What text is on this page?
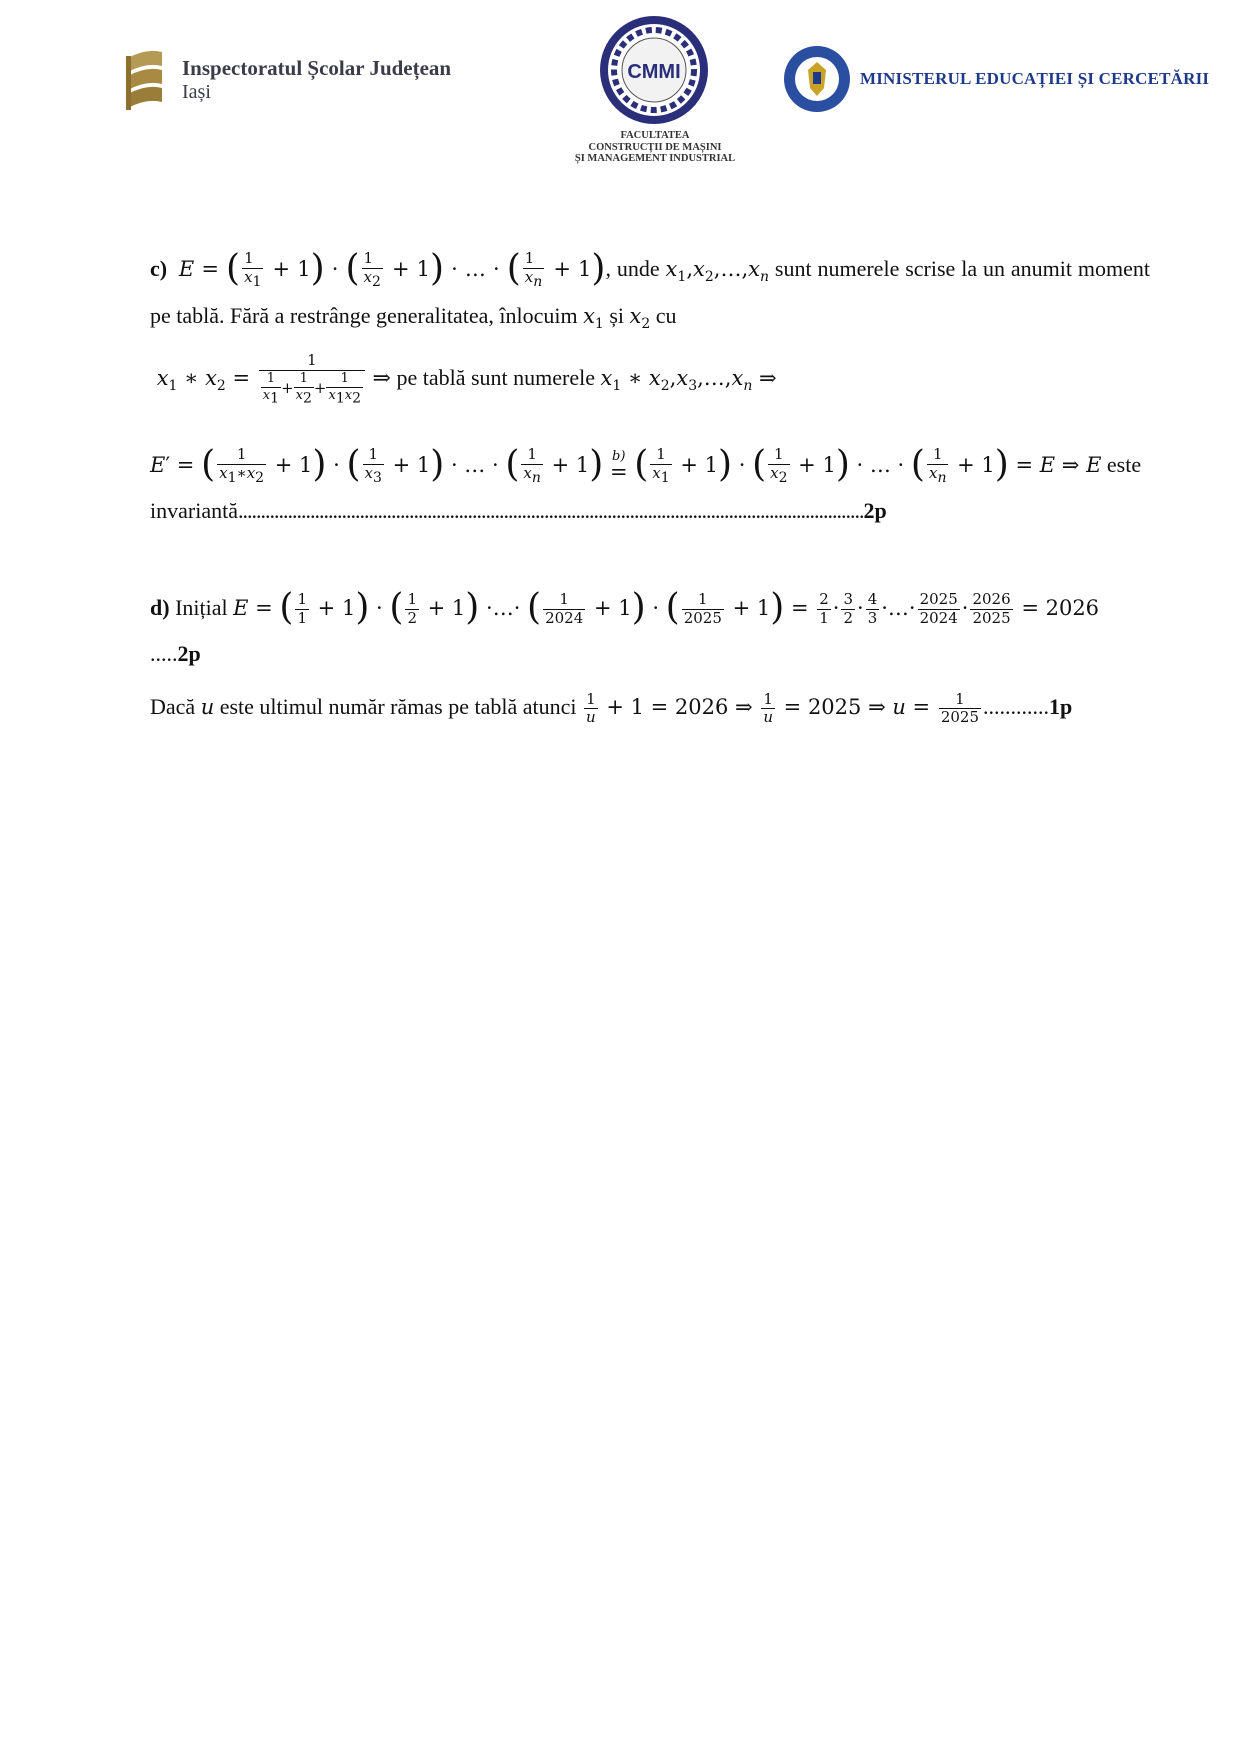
Inspectoratul Școlar Județean
Iași
CMMI
FACULTATEA
CONSTRUCȚII DE MAȘINI
ȘI MANAGEMENT INDUSTRIAL
MINISTERUL EDUCAȚIEI ȘI CERCETĂRII

c) E = ( $\frac{1}{x_1} + 1$) · ( $\frac{1}{x_2} + 1$) · … · ( $\frac{1}{x_n} + 1$), unde $x_1,x_2,\dots,x_n$ sunt numerele scrise la un anumit moment pe tablă. Fără a restrânge generalitatea, înlocuim $x_1$ și $x_2$ cu

$x_1$ ∗ $x_2 = \frac{1}{\frac{1}{x_1} + \frac{1}{x_2} + \frac{1}{x_1x_2}}$ ⇒ pe tablă sunt numerele $x_1$ ∗ $x_2,x_3,\dots,x_n$ ⇒

E′ = ( $\frac{1}{x_1∗x_2} + 1$) · ( $\frac{1}{x_3} + 1$) · … · ( $\frac{1}{x_n} + 1$) b)
= ( $\frac{1}{x_1} + 1$) · ( $\frac{1}{x_2} + 1$) · … · ( $\frac{1}{x_n} + 1) = E$ ⇒ E este
invariantă...........................................................................................................................................2p

d) Inițial E = ( $\frac{1}{1} + 1$) · ( $\frac{1}{2} + 1$) ·…· ( $\frac{1}{2024} + 1$) · ( $\frac{1}{2025} + 1) = \frac{2}{1} \cdot \frac{3}{2} \cdot \frac{4}{3}$ ·…· $\frac{2025}{2024} \cdot \frac{2026}{2025} = 2026$ .....2p

Dacă u este ultimul număr rămas pe tablă atunci $\frac{1}{u} + 1 = 2026$ ⇒ $\frac{1}{u} = 2025$ ⇒ $u = \frac{1}{2025} ............1p$
